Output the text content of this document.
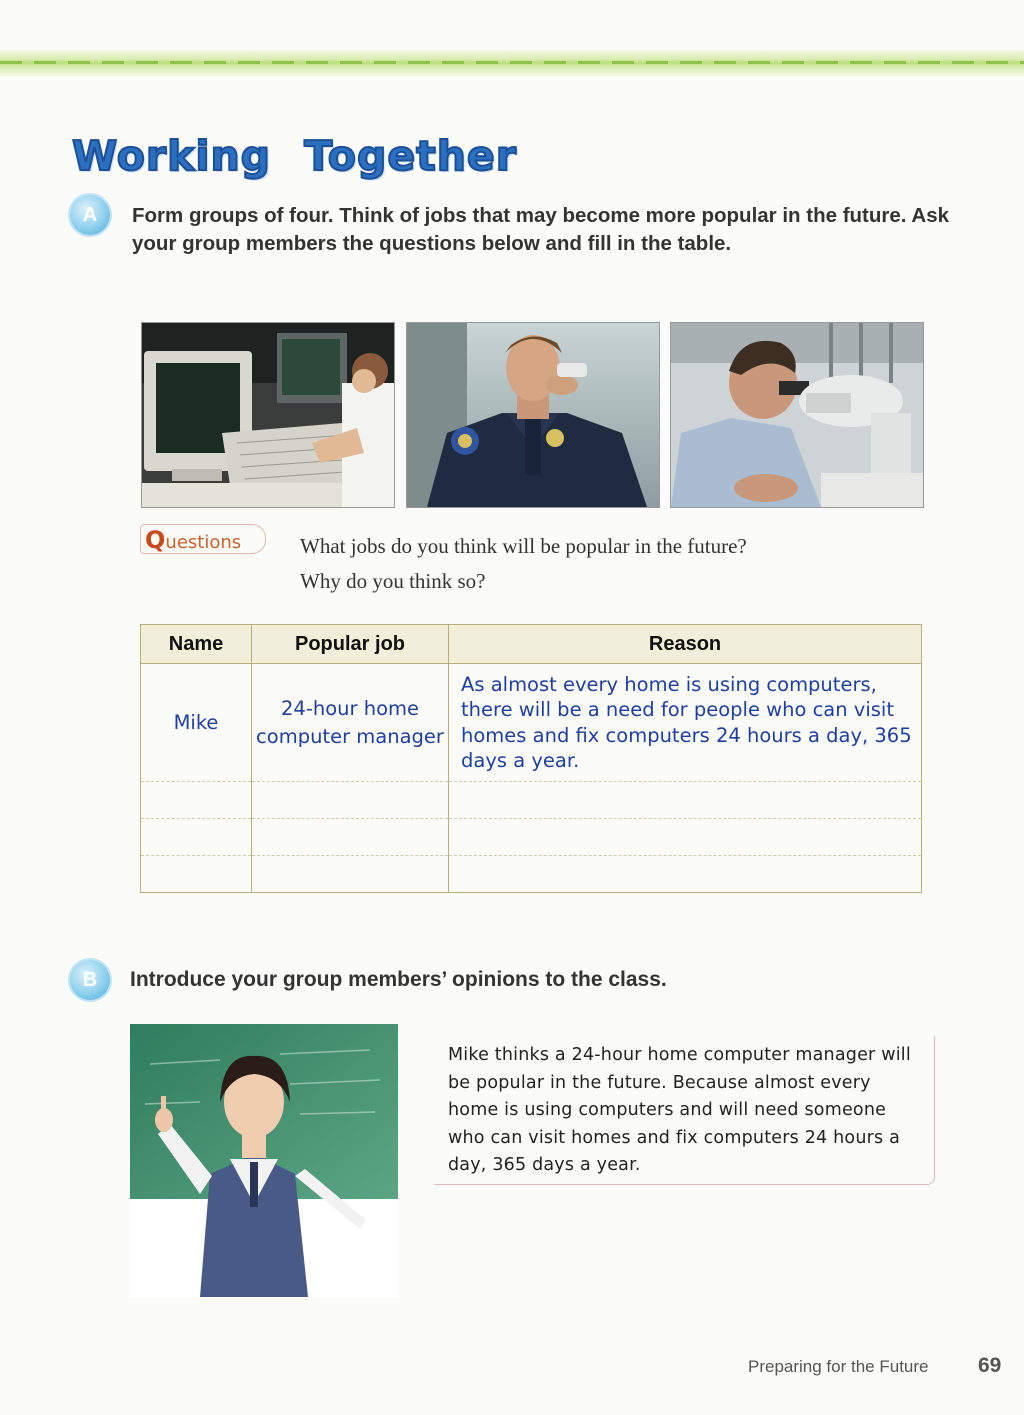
Working Together
A	Form groups of four. Think of jobs that may become more popular in the future. Ask your group members the questions below and fill in the table.

Questions	What jobs do you think will be popular in the future?

Why do you think so?

Name	Popular job	Reason
Mike	24-hour home computer manager	As almost every home is using computers, there will be a need for people who can visit homes and fix computers 24 hours a day, 365 days a year.

B	Introduce your group members’ opinions to the class.

Mike thinks a 24-hour home computer manager will be popular in the future. Because almost every home is using computers and will need someone who can visit homes and fix computers 24 hours a day, 365 days a year.

Preparing for the Future 69
